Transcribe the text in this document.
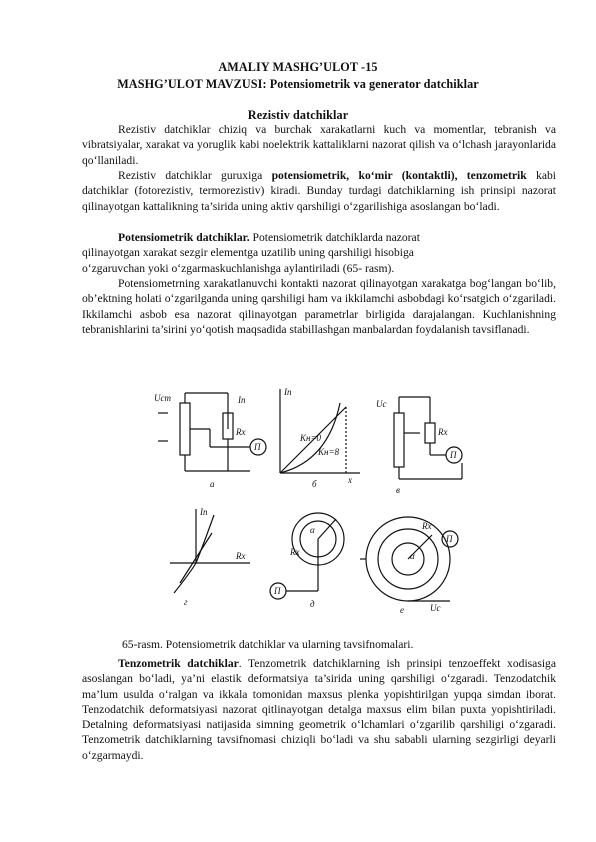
AMALIY MASHG’ULOT -15
MASHG’ULOT MAVZUSI: Potensiometrik va generator datchiklar
Rezistiv datchiklar

Rezistiv datchiklar chiziq va burchak xarakatlarni kuch va momentlar, tebranish va vibratsiyalar, xarakat va yoruglik kabi noelektrik kattaliklarni nazorat qilish va o‘lchash jarayonlarida qo‘llaniladi.

Rezistiv datchiklar guruxiga potensiometrik, ko‘mir (kontaktli), tenzometrik kabi datchiklar (fotorezistiv, termorezistiv) kiradi. Bunday turdagi datchiklarning ish prinsipi nazorat qilinayotgan kattalikning ta’sirida uning aktiv qarshiligi o‘zgarilishiga asoslangan bo‘ladi.

Potensiometrik datchiklar. Potensiometrik datchiklarda nazorat
qilinayotgan xarakat sezgir elementga uzatilib uning qarshiligi hisobiga
o‘zgaruvchan yoki o‘zgarmaskuchlanishga aylantiriladi (65- rasm).

Potensiometrning xarakatlanuvchi kontakti nazorat qilinayotgan xarakatga bog‘langan bo‘lib, ob’ektning holati o‘zgarilganda uning qarshiligi ham va ikkilamchi asbobdagi ko‘rsatgich o‘zgariladi. Ikkilamchi asbob esa nazorat qilinayotgan parametrlar birligida darajalangan. Kuchlanishning tebranishlarini ta’sirini yo‘qotish maqsadida stabillashgan manbalardan foydalanish tavsiflanadi.

Uст	Iп
Rx
П
a
Iп
Kн=0
Kн=8
x
б
Uc
Rx
П
в
Iп
Rx
г
α
Rx
П
д
α
Rx
П
Uc
e
65-rasm. Potensiometrik datchiklar va ularning tavsifnomalari.

Tenzometrik datchiklar. Tenzometrik datchiklarning ish prinsipi tenzoeffekt xodisasiga asoslangan bo‘ladi, ya’ni elastik deformatsiya ta’sirida uning qarshiligi o‘zgaradi. Tenzodatchik ma’lum usulda o‘ralgan va ikkala tomonidan maxsus plenka yopishtirilgan yupqa simdan iborat. Tenzodatchik deformatsiyasi nazorat qitlinayotgan detalga maxsus elim bilan puxta yopishtiriladi. Detalning deformatsiyasi natijasida simning geometrik o‘lchamlari o‘zgarilib qarshiligi o‘zgaradi. Tenzometrik datchiklarning tavsifnomasi chiziqli bo‘ladi va shu sababli ularning sezgirligi deyarli o‘zgarmaydi.
